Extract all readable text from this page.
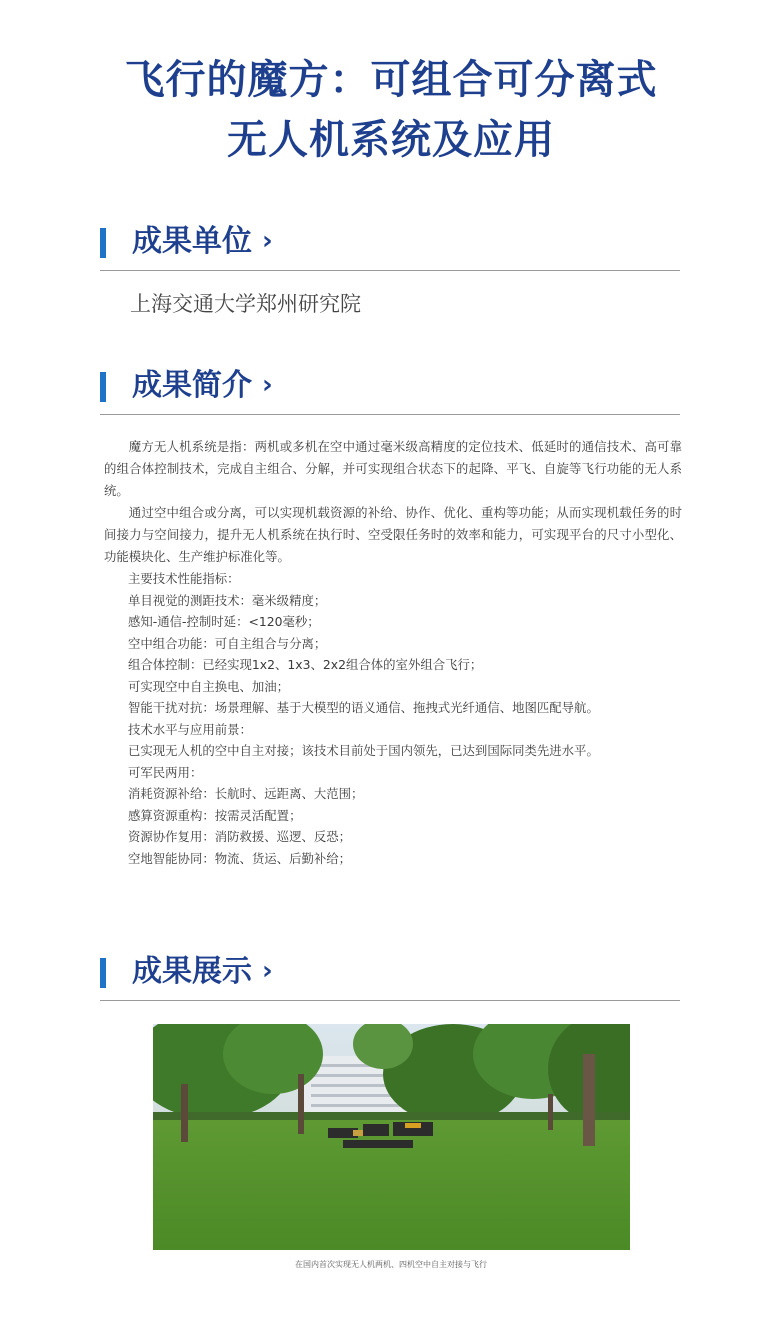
飞行的魔方：可组合可分离式
无人机系统及应用
成果单位 ›
上海交通大学郑州研究院
成果简介 ›

魔方无人机系统是指：两机或多机在空中通过毫米级高精度的定位技术、低延时的通信技术、高可靠的组合体控制技术，完成自主组合、分解，并可实现组合状态下的起降、平飞、自旋等飞行功能的无人系统。

通过空中组合或分离，可以实现机载资源的补给、协作、优化、重构等功能；从而实现机载任务的时间接力与空间接力，提升无人机系统在执行时、空受限任务时的效率和能力，可实现平台的尺寸小型化、功能模块化、生产维护标准化等。

主要技术性能指标：
单目视觉的测距技术：毫米级精度；
感知-通信-控制时延：<120毫秒；
空中组合功能：可自主组合与分离；
组合体控制：已经实现1x2、1x3、2x2组合体的室外组合飞行；
可实现空中自主换电、加油；
智能干扰对抗：场景理解、基于大模型的语义通信、拖拽式光纤通信、地图匹配导航。
技术水平与应用前景：
已实现无人机的空中自主对接；该技术目前处于国内领先，已达到国际同类先进水平。
可军民两用：
消耗资源补给：长航时、远距离、大范围；
感算资源重构：按需灵活配置；
资源协作复用：消防救援、巡逻、反恐；
空地智能协同：物流、货运、后勤补给；
成果展示 ›
在国内首次实现无人机两机、四机空中自主对接与飞行
